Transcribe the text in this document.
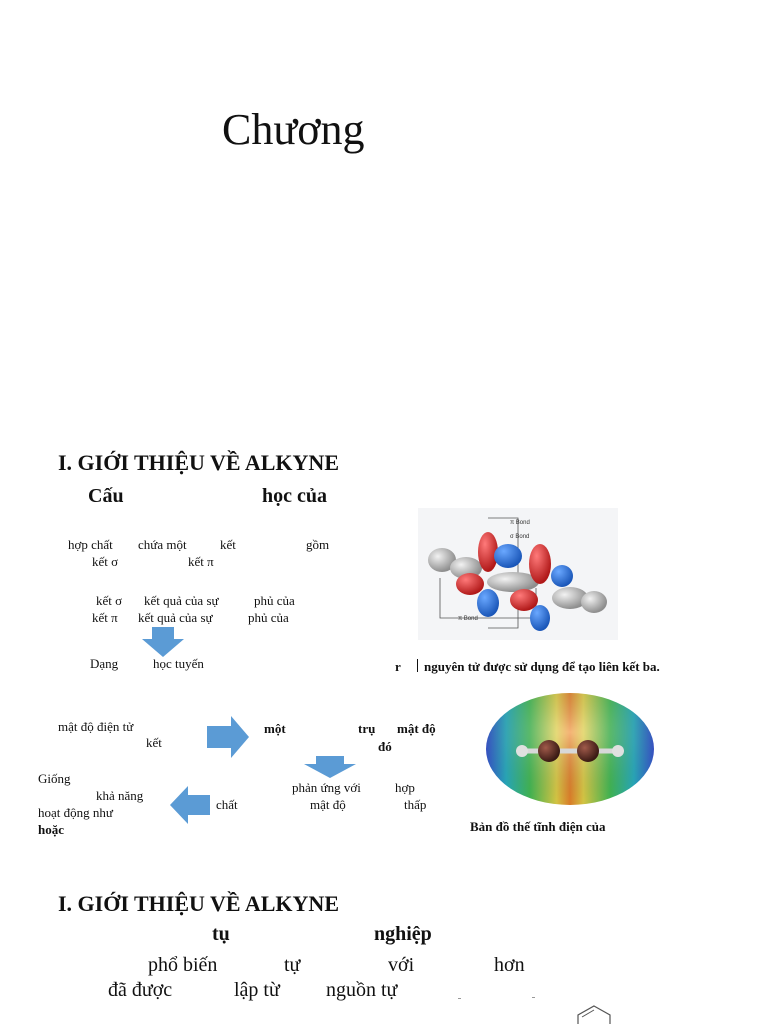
Chương
I. GIỚI THIỆU VỀ ALKYNE
Cấu	học của
hợp chất chứa một	kết	gồm
kết σ	kết π
kết σ kết quả của sự	phủ của
kết π kết quả của sự	phủ của
Dạng	học tuyến
π Bond
σ Bond
π Bond
r nguyên tử được sử dụng để tạo liên kết ba.
mật độ điện tử
kết
một	trụ mật độ
đó
phản ứng với	hợp
mật độ	thấp
chất
Giống
khả năng
hoạt động như
hoặc	Bản đồ thế tĩnh điện của
I. GIỚI THIỆU VỀ ALKYNE
tụ	nghiệp
phổ biến	tự	với	hơn
đã được	lập từ nguồn tự
